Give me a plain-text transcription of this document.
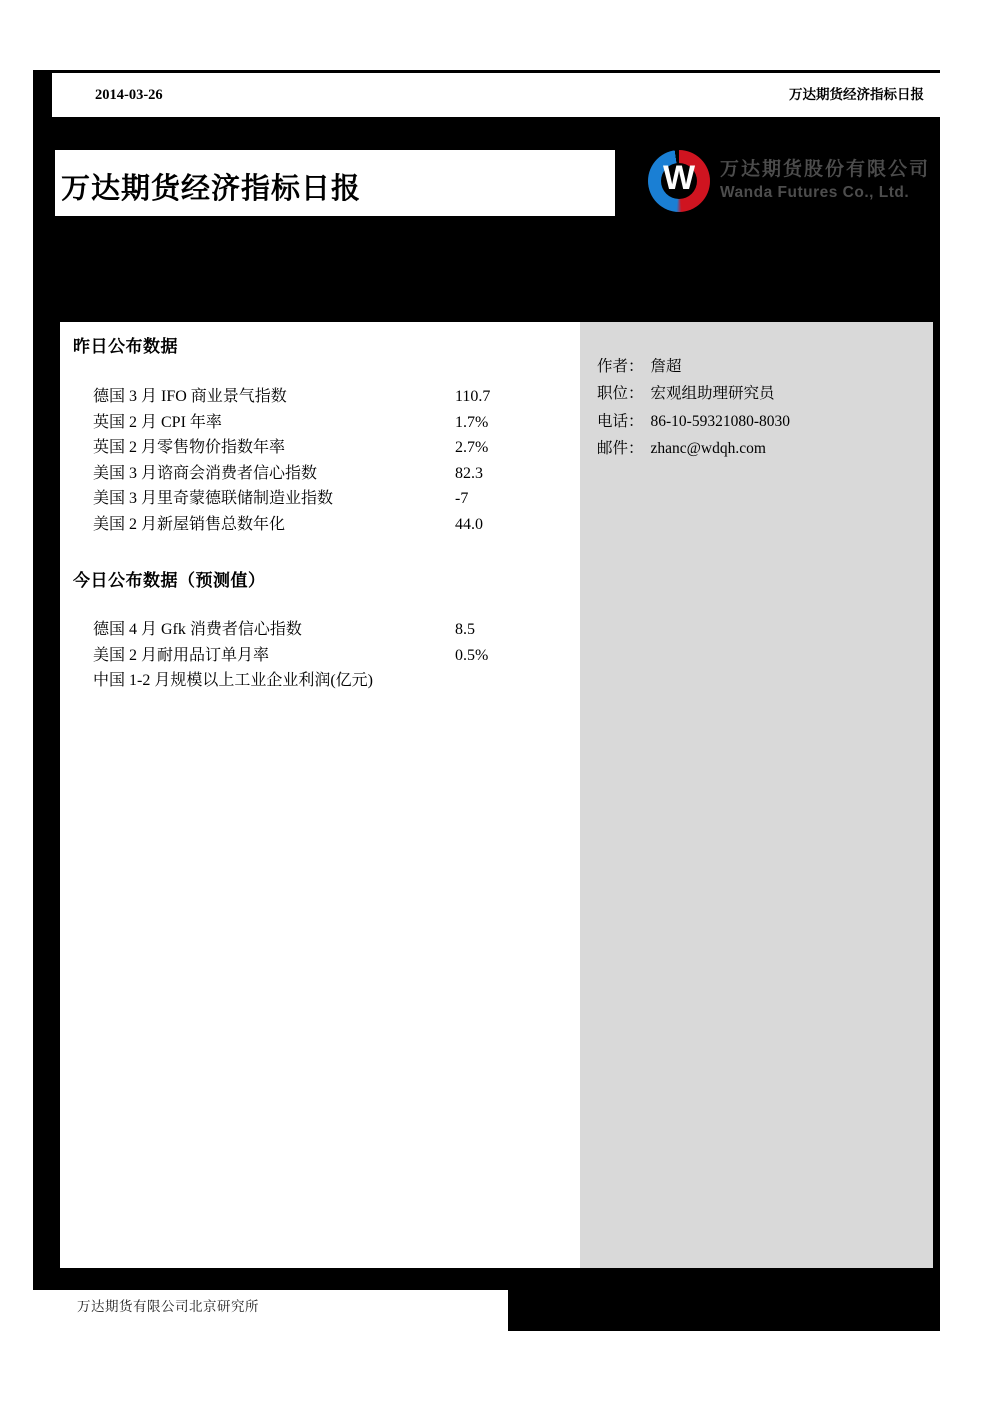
2014-03-26	万达期货经济指标日报
万达期货经济指标日报	W	万达期货股份有限公司
Wanda Futures Co., Ltd.
昨日公布数据
德国 3 月 IFO 商业景气指数	110.7
英国 2 月 CPI 年率	1.7%
英国 2 月零售物价指数年率	2.7%
美国 3 月谘商会消费者信心指数	82.3
美国 3 月里奇蒙德联储制造业指数	-7
美国 2 月新屋销售总数年化	44.0
今日公布数据（预测值）
德国 4 月 Gfk 消费者信心指数	8.5
美国 2 月耐用品订单月率	0.5%
中国 1-2 月规模以上工业企业利润(亿元)
作者： 詹超
职位： 宏观组助理研究员
电话： 86-10-59321080-8030
邮件： zhanc@wdqh.com
万达期货有限公司北京研究所
